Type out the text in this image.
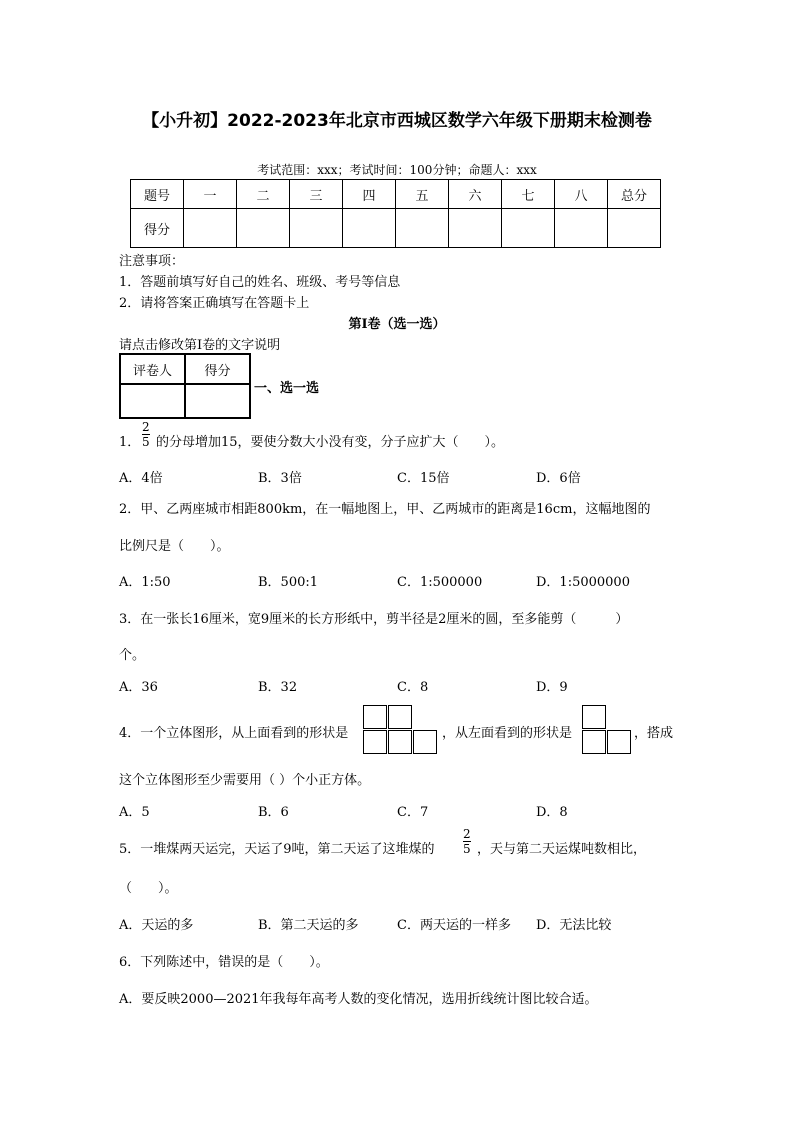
【小升初】2022-2023年北京市西城区数学六年级下册期末检测卷
考试范围：xxx；考试时间：100分钟；命题人：xxx
题号	一	二	三	四	五	六	七	八	总分
得分									
注意事项：
1．答题前填写好自己的姓名、班级、考号等信息
2．请将答案正确填写在答题卡上
第I卷（选一选）
请点击修改第I卷的文字说明
评卷人	得分

一、选一选
1． $\frac{2}{5}$ 的分母增加15，要使分数大小没有变，分子应扩大（　　）。
A．4倍	B．3倍	C．15倍	D．6倍
2．甲、乙两座城市相距800km，在一幅地图上，甲、乙两城市的距离是16cm，这幅地图的
比例尺是（　　）。
A．1:50	B．500:1	C．1:500000	D．1:5000000
3．在一张长16厘米，宽9厘米的长方形纸中，剪半径是2厘米的圆，至多能剪（　　　）
个。
A．36	B．32	C．8	D．9
4．一个立体图形，从上面看到的形状是	，从左面看到的形状是	，搭成
这个立体图形至少需要用（ ）个小正方体。
A．5	B．6	C．7	D．8
5．一堆煤两天运完，天运了9吨，第二天运了这堆煤的 $\frac{2}{5}$ ，天与第二天运煤吨数相比，
（　　）。
A．天运的多	B．第二天运的多	C．两天运的一样多 D．无法比较
6．下列陈述中，错误的是（　　）。
A．要反映2000—2021年我每年高考人数的变化情况，选用折线统计图比较合适。
